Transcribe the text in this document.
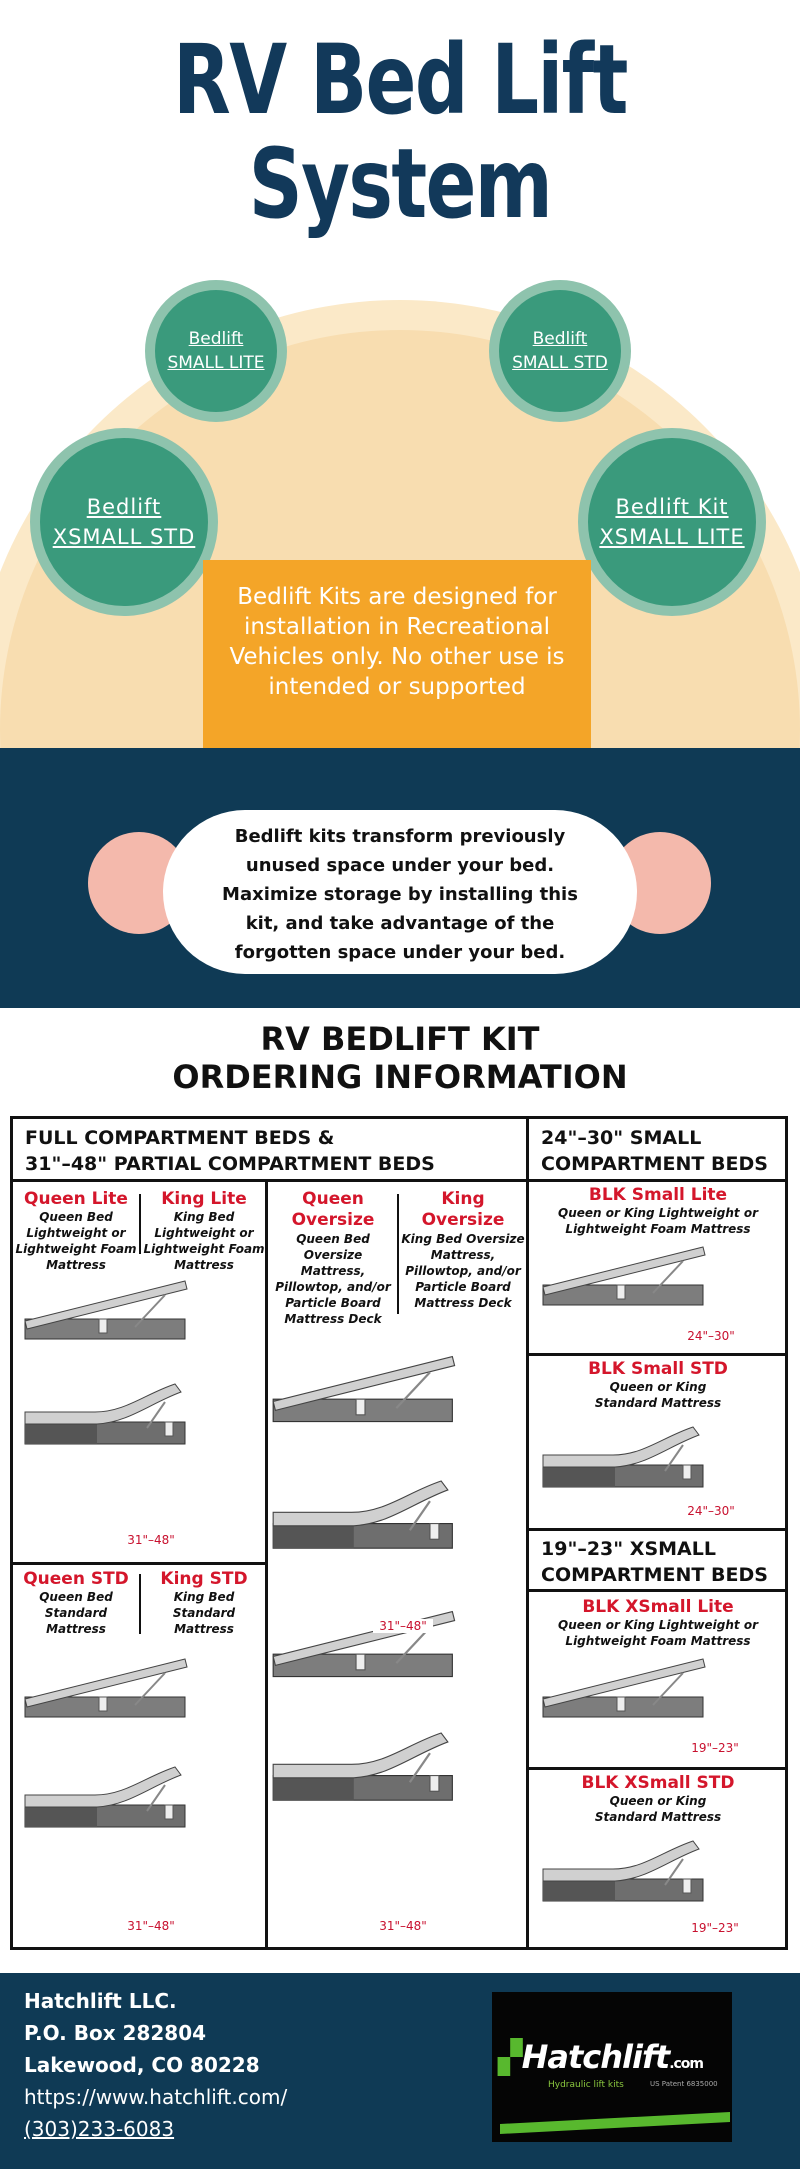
RV Bed Lift
System
Bedlift
SMALL LITE
Bedlift
SMALL STD
Bedlift
XSMALL STD
Bedlift Kit
XSMALL LITE
Bedlift Kits are designed for installation in Recreational Vehicles only. No other use is intended or supported
Bedlift kits transform previously unused space under your bed. Maximize storage by installing this kit, and take advantage of the forgotten space under your bed.
RV BEDLIFT KIT
ORDERING INFORMATION
FULL COMPARTMENT BEDS &
31"–48" PARTIAL COMPARTMENT BEDS
24"–30" SMALL
COMPARTMENT BEDS
19"–23" XSMALL
COMPARTMENT BEDS
Queen Lite
Queen Bed Lightweight or Lightweight Foam Mattress
King Lite
King Bed Lightweight or Lightweight Foam Mattress
Queen Oversize
Queen Bed Oversize Mattress, Pillowtop, and/or Particle Board Mattress Deck
King Oversize
King Bed Oversize Mattress, Pillowtop, and/or Particle Board Mattress Deck
Queen STD
Queen Bed Standard Mattress
King STD
King Bed Standard Mattress
BLK Small Lite
Queen or King Lightweight or Lightweight Foam Mattress
BLK Small STD
Queen or King Standard Mattress
BLK XSmall Lite
Queen or King Lightweight or Lightweight Foam Mattress
BLK XSmall STD
Queen or King Standard Mattress
31"–48"
31"–48"
31"–48"
31"–48"
24"–30"
24"–30"
19"–23"
19"–23"
Hatchlift LLC.
P.O. Box 282804
Lakewood, CO 80228
https://www.hatchlift.com/
(303)233-6083
▞Hatchlift.com
Hydraulic lift kits	US Patent 6835000
